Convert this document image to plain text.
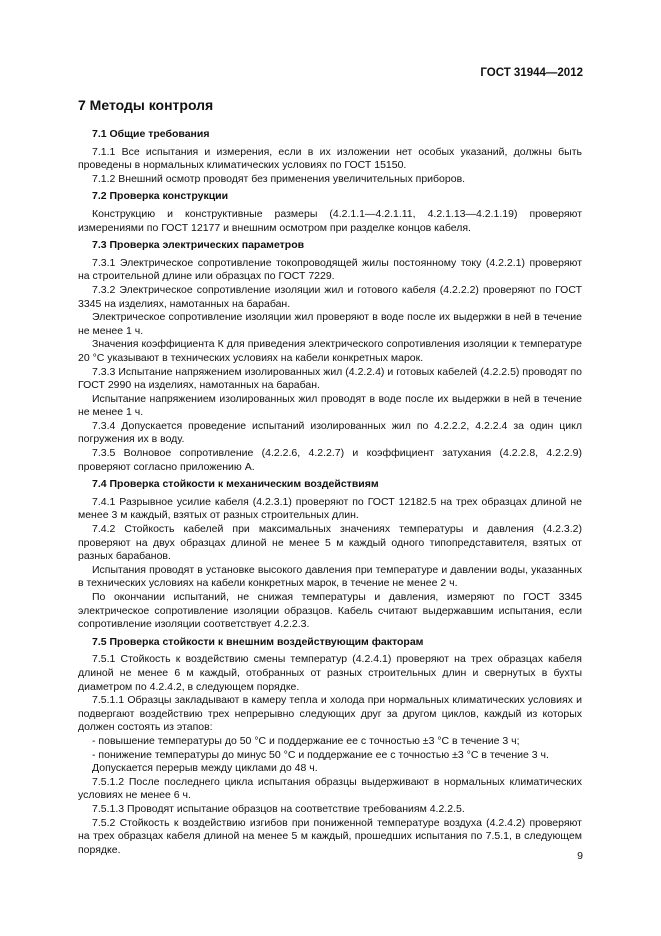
ГОСТ 31944—2012
7 Методы контроля

7.1 Общие требования

7.1.1 Все испытания и измерения, если в их изложении нет особых указаний, должны быть проведены в нормальных климатических условиях по ГОСТ 15150.

7.1.2 Внешний осмотр проводят без применения увеличительных приборов.

7.2 Проверка конструкции

Конструкцию и конструктивные размеры (4.2.1.1—4.2.1.11, 4.2.1.13—4.2.1.19) проверяют измерениями по ГОСТ 12177 и внешним осмотром при разделке концов кабеля.

7.3 Проверка электрических параметров

7.3.1 Электрическое сопротивление токопроводящей жилы постоянному току (4.2.2.1) проверяют на строительной длине или образцах по ГОСТ 7229.

7.3.2 Электрическое сопротивление изоляции жил и готового кабеля (4.2.2.2) проверяют по ГОСТ 3345 на изделиях, намотанных на барабан.

Электрическое сопротивление изоляции жил проверяют в воде после их выдержки в ней в течение не менее 1 ч.

Значения коэффициента К для приведения электрического сопротивления изоляции к температуре 20 °С указывают в технических условиях на кабели конкретных марок.

7.3.3 Испытание напряжением изолированных жил (4.2.2.4) и готовых кабелей (4.2.2.5) проводят по ГОСТ 2990 на изделиях, намотанных на барабан.

Испытание напряжением изолированных жил проводят в воде после их выдержки в ней в течение не менее 1 ч.

7.3.4 Допускается проведение испытаний изолированных жил по 4.2.2.2, 4.2.2.4 за один цикл погружения их в воду.

7.3.5 Волновое сопротивление (4.2.2.6, 4.2.2.7) и коэффициент затухания (4.2.2.8, 4.2.2.9) проверяют согласно приложению А.

7.4 Проверка стойкости к механическим воздействиям

7.4.1 Разрывное усилие кабеля (4.2.3.1) проверяют по ГОСТ 12182.5 на трех образцах длиной не менее 3 м каждый, взятых от разных строительных длин.

7.4.2 Стойкость кабелей при максимальных значениях температуры и давления (4.2.3.2) проверяют на двух образцах длиной не менее 5 м каждый одного типопредставителя, взятых от разных барабанов.

Испытания проводят в установке высокого давления при температуре и давлении воды, указанных в технических условиях на кабели конкретных марок, в течение не менее 2 ч.

По окончании испытаний, не снижая температуры и давления, измеряют по ГОСТ 3345 электрическое сопротивление изоляции образцов. Кабель считают выдержавшим испытания, если сопротивление изоляции соответствует 4.2.2.3.

7.5 Проверка стойкости к внешним воздействующим факторам

7.5.1 Стойкость к воздействию смены температур (4.2.4.1) проверяют на трех образцах кабеля длиной не менее 6 м каждый, отобранных от разных строительных длин и свернутых в бухты диаметром по 4.2.4.2, в следующем порядке.

7.5.1.1 Образцы закладывают в камеру тепла и холода при нормальных климатических условиях и подвергают воздействию трех непрерывно следующих друг за другом циклов, каждый из которых должен состоять из этапов:

- повышение температуры до 50 °С и поддержание ее с точностью ±3 °С в течение 3 ч;

- понижение температуры до минус 50 °С и поддержание ее с точностью ±3 °С в течение 3 ч.

Допускается перерыв между циклами до 48 ч.

7.5.1.2 После последнего цикла испытания образцы выдерживают в нормальных климатических условиях не менее 6 ч.

7.5.1.3 Проводят испытание образцов на соответствие требованиям 4.2.2.5.

7.5.2 Стойкость к воздействию изгибов при пониженной температуре воздуха (4.2.4.2) проверяют на трех образцах кабеля длиной на менее 5 м каждый, прошедших испытания по 7.5.1, в следующем порядке.

9
